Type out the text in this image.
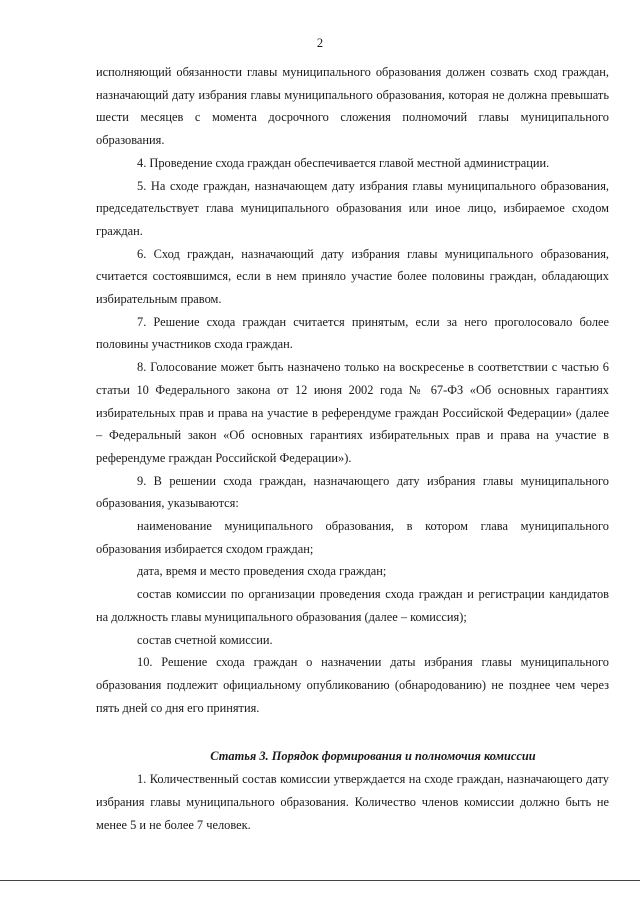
2

исполняющий обязанности главы муниципального образования должен созвать сход граждан, назначающий дату избрания главы муниципального образования, которая не должна превышать шести месяцев с момента досрочного сложения полномочий главы муниципального образования.

4. Проведение схода граждан обеспечивается главой местной администрации.

5. На сходе граждан, назначающем дату избрания главы муниципального образования, председательствует глава муниципального образования или иное лицо, избираемое сходом граждан.

6. Сход граждан, назначающий дату избрания главы муниципального образования, считается состоявшимся, если в нем приняло участие более половины граждан, обладающих избирательным правом.

7. Решение схода граждан считается принятым, если за него проголосовало более половины участников схода граждан.

8. Голосование может быть назначено только на воскресенье в соответствии с частью 6 статьи 10 Федерального закона от 12 июня 2002 года № 67-ФЗ «Об основных гарантиях избирательных прав и права на участие в референдуме граждан Российской Федерации» (далее – Федеральный закон «Об основных гарантиях избирательных прав и права на участие в референдуме граждан Российской Федерации»).

9. В решении схода граждан, назначающего дату избрания главы муниципального образования, указываются:

наименование муниципального образования, в котором глава муниципального образования избирается сходом граждан;

дата, время и место проведения схода граждан;

состав комиссии по организации проведения схода граждан и регистрации кандидатов на должность главы муниципального образования (далее – комиссия);

состав счетной комиссии.

10. Решение схода граждан о назначении даты избрания главы муниципального образования подлежит официальному опубликованию (обнародованию) не позднее чем через пять дней со дня его принятия.

Статья 3. Порядок формирования и полномочия комиссии

1. Количественный состав комиссии утверждается на сходе граждан, назначающего дату избрания главы муниципального образования. Количество членов комиссии должно быть не менее 5 и не более 7 человек.
